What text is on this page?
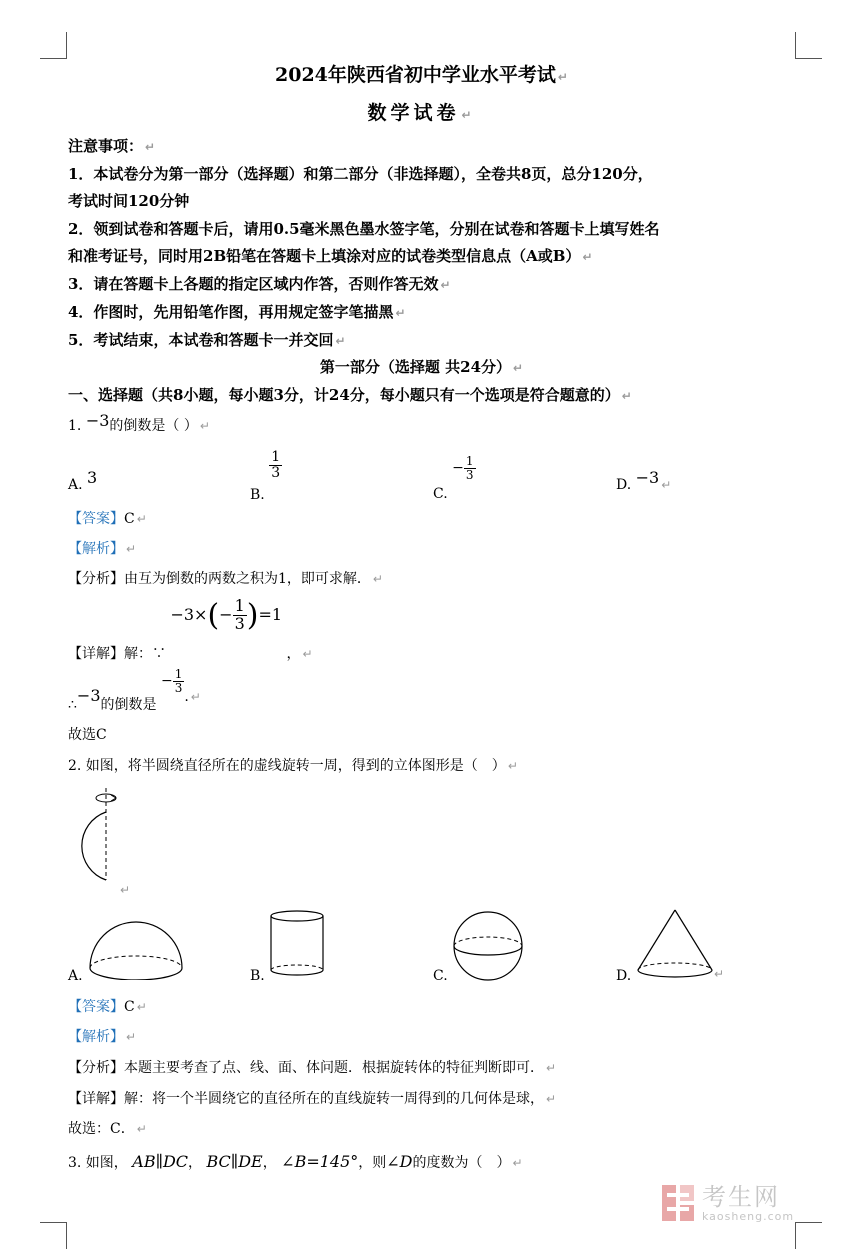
2024年陕西省初中学业水平考试 ↵
数学试卷 ↵
注意事项： ↵
1．本试卷分为第一部分（选择题）和第二部分（非选择题），全卷共8页，总分120分，
考试时间120分钟
2．领到试卷和答题卡后，请用0.5毫米黑色墨水签字笔，分别在试卷和答题卡上填写姓名
和准考证号，同时用2B铅笔在答题卡上填涂对应的试卷类型信息点（A或B） ↵
3．请在答题卡上各题的指定区域内作答，否则作答无效 ↵
4．作图时，先用铅笔作图，再用规定签字笔描黑 ↵
5．考试结束，本试卷和答题卡一并交回 ↵
第一部分（选择题 共24分） ↵
一、选择题（共8小题，每小题3分，计24分，每小题只有一个选项是符合题意的） ↵
1. −3的倒数是（ ） ↵
A. 3
B.
$\frac{1}{3}$
C. − $\frac{1}{3}$
D. −3 ↵
【答案】C ↵
【解析】 ↵
【分析】由互为倒数的两数之积为1，即可求解． ↵
【详解】解：∵ $-3\times(- \frac{1}{3} )=1$ ， ↵
∴−3的倒数是 − $\frac{1}{3}$
. ↵
故选C
2. 如图，将半圆绕直径所在的虚线旋转一周，得到的立体图形是（　） ↵
↵
A.	B.	C.	D.	↵
【答案】C ↵
【解析】 ↵
【分析】本题主要考查了点、线、面、体问题．根据旋转体的特征判断即可． ↵
【详解】解：将一个半圆绕它的直径所在的直线旋转一周得到的几何体是球， ↵
故选：C． ↵
3. 如图， AB∥DC， BC∥DE， ∠B=145°，则∠D的度数为（　） ↵
考生网
kaosheng.com
